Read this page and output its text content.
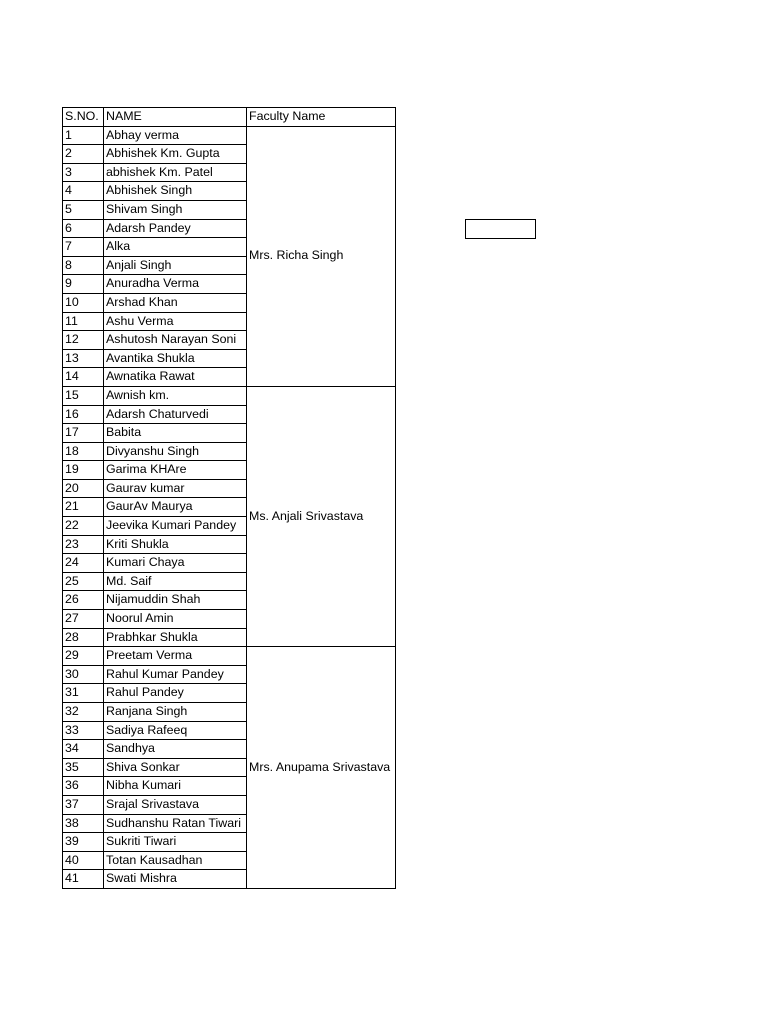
S.NO.	NAME	Faculty Name
1	Abhay verma	Mrs. Richa Singh
2	Abhishek Km. Gupta	
3	abhishek Km. Patel	
4	Abhishek Singh	
5	Shivam Singh	
6	Adarsh Pandey	
7	Alka	
8	Anjali Singh	
9	Anuradha Verma	
10	Arshad Khan	
11	Ashu Verma	
12	Ashutosh Narayan Soni	
13	Avantika Shukla	
14	Awnatika Rawat	
15	Awnish km.	Ms. Anjali Srivastava
16	Adarsh Chaturvedi	
17	Babita	
18	Divyanshu Singh	
19	Garima KHAre	
20	Gaurav kumar	
21	GaurAv Maurya	
22	Jeevika Kumari Pandey	
23	Kriti Shukla	
24	Kumari Chaya	
25	Md. Saif	
26	Nijamuddin Shah	
27	Noorul Amin	
28	Prabhkar Shukla	
29	Preetam Verma	Mrs. Anupama Srivastava
30	Rahul Kumar Pandey	
31	Rahul Pandey	
32	Ranjana Singh	
33	Sadiya Rafeeq	
34	Sandhya	
35	Shiva Sonkar	
36	Nibha Kumari	
37	Srajal Srivastava	
38	Sudhanshu Ratan Tiwari	
39	Sukriti Tiwari	
40	Totan Kausadhan	
41	Swati Mishra	
